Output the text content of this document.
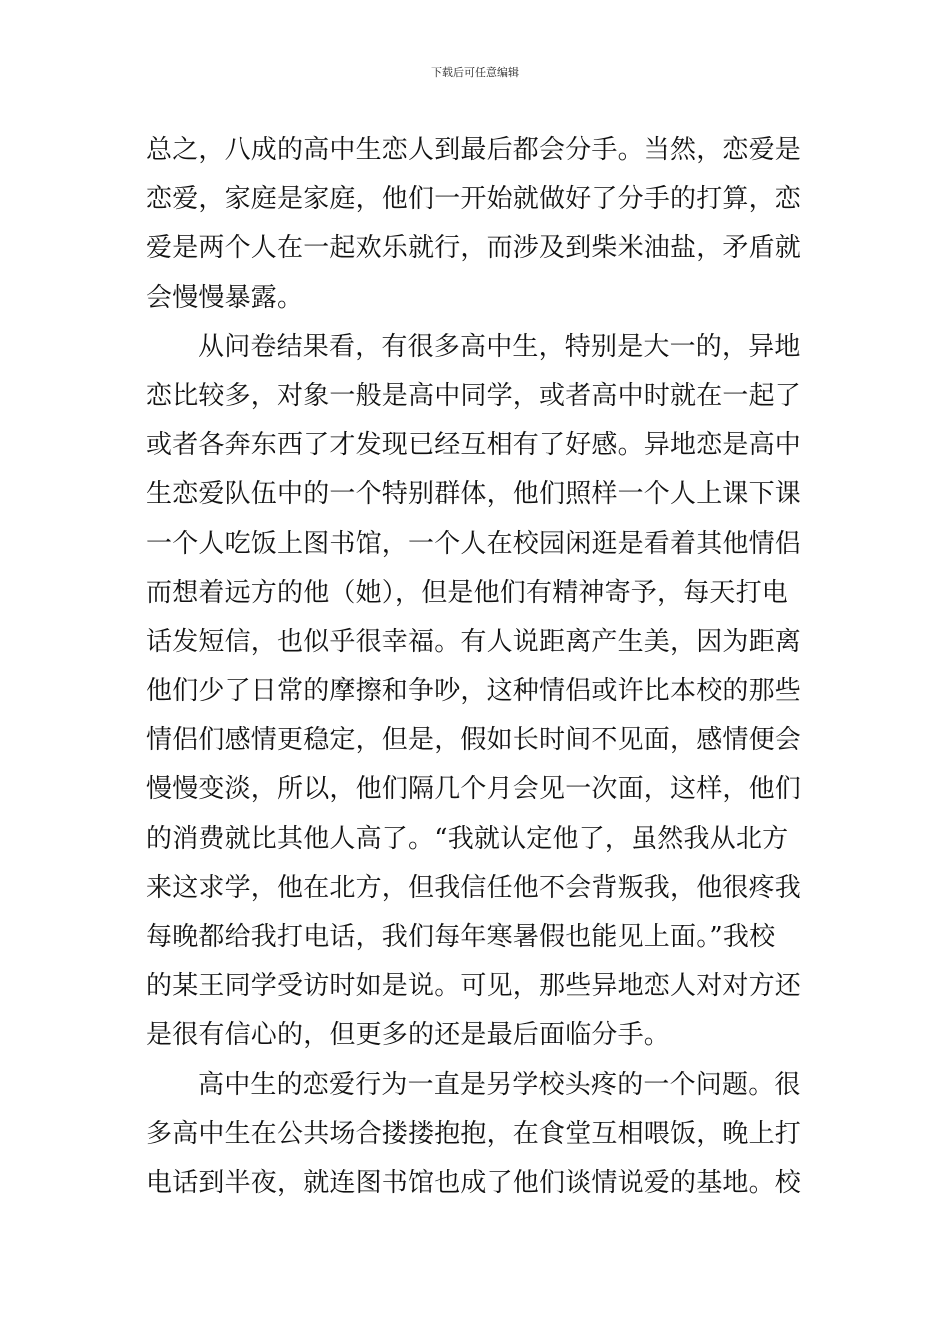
下载后可任意编辑
总之，八成的高中生恋人到最后都会分手。当然，恋爱是
恋爱，家庭是家庭，他们一开始就做好了分手的打算，恋
爱是两个人在一起欢乐就行，而涉及到柴米油盐，矛盾就
会慢慢暴露。
从问卷结果看，有很多高中生，特别是大一的，异地
恋比较多，对象一般是高中同学，或者高中时就在一起了
或者各奔东西了才发现已经互相有了好感。异地恋是高中
生恋爱队伍中的一个特别群体，他们照样一个人上课下课
一个人吃饭上图书馆，一个人在校园闲逛是看着其他情侣
而想着远方的他（她），但是他们有精神寄予，每天打电
话发短信，也似乎很幸福。有人说距离产生美，因为距离
他们少了日常的摩擦和争吵，这种情侣或许比本校的那些
情侣们感情更稳定，但是，假如长时间不见面，感情便会
慢慢变淡，所以，他们隔几个月会见一次面，这样，他们
的消费就比其他人高了。“我就认定他了，虽然我从北方
来这求学，他在北方，但我信任他不会背叛我，他很疼我
每晚都给我打电话，我们每年寒暑假也能见上面。”我校
的某王同学受访时如是说。可见，那些异地恋人对对方还
是很有信心的，但更多的还是最后面临分手。
高中生的恋爱行为一直是另学校头疼的一个问题。很
多高中生在公共场合搂搂抱抱，在食堂互相喂饭，晚上打
电话到半夜，就连图书馆也成了他们谈情说爱的基地。校
